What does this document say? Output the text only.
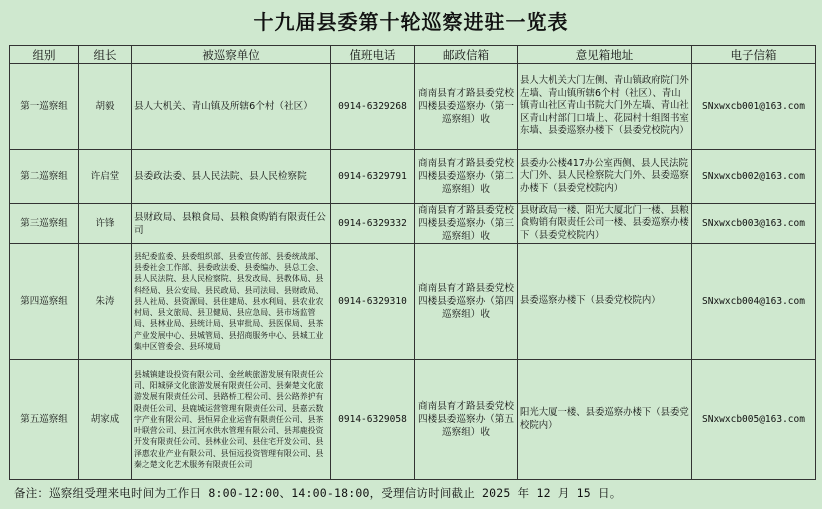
十九届县委第十轮巡察进驻一览表
组别	组长	被巡察单位	值班电话	邮政信箱	意见箱地址	电子信箱
第一巡察组	胡毅	县人大机关、青山镇及所辖6个村（社区）	0914-6329268	商南县育才路县委党校四楼县委巡察办（第一巡察组）收	县人大机关大门左侧、青山镇政府院门外左墙、青山镇所辖6个村（社区）、青山镇青山社区青山书院大门外左墙、青山社区青山村部门口墙上、花园村十组图书室东墙、县委巡察办楼下（县委党校院内）	SNxwxcb001@163.com
第二巡察组	许启堂	县委政法委、县人民法院、县人民检察院	0914-6329791	商南县育才路县委党校四楼县委巡察办（第二巡察组）收	县委办公楼417办公室西侧、县人民法院大门外、县人民检察院大门外、县委巡察办楼下（县委党校院内）	SNxwxcb002@163.com
第三巡察组	许锋	县财政局、县粮食局、县粮食购销有限责任公司	0914-6329332	商南县育才路县委党校四楼县委巡察办（第三巡察组）收	县财政局一楼、阳光大厦北门一楼、县粮食购销有限责任公司一楼、县委巡察办楼下（县委党校院内）	SNxwxcb003@163.com
第四巡察组	朱涛	县纪委监委、县委组织部、县委宣传部、县委统战部、县委社会工作部、县委政法委、县委编办、县总工会、县人民法院、县人民检察院、县发改局、县教体局、县科经局、县公安局、县民政局、县司法局、县财政局、县人社局、县资源局、县住建局、县水利局、县农业农村局、县文旅局、县卫健局、县应急局、县市场监管局、县林业局、县统计局、县审批局、县医保局、县茶产业发展中心、县城管局、县招商服务中心、县城工业集中区管委会、县环境局	0914-6329310	商南县育才路县委党校四楼县委巡察办（第四巡察组）收	县委巡察办楼下（县委党校院内）	SNxwxcb004@163.com
第五巡察组	胡家成	县城镇建设投资有限公司、金丝峡旅游发展有限责任公司、阳城驿文化旅游发展有限责任公司、县秦楚文化旅游发展有限责任公司、县路桥工程公司、县公路养护有限责任公司、县鹿城运营管理有限责任公司、县嘉云数字产业有限公司、县恒昇企业运营有限责任公司、县茶叶联营公司、县江河水供水管理有限公司、县邦鹿投资开发有限责任公司、县林业公司、县住宅开发公司、县泽惠农业产业有限公司、县恒远投资管理有限公司、县秦之楚文化艺术服务有限责任公司	0914-6329058	商南县育才路县委党校四楼县委巡察办（第五巡察组）收	阳光大厦一楼、县委巡察办楼下（县委党校院内）	SNxwxcb005@163.com
备注：巡察组受理来电时间为工作日 8:00-12:00、14:00-18:00，受理信访时间截止 2025 年 12 月 15 日。
